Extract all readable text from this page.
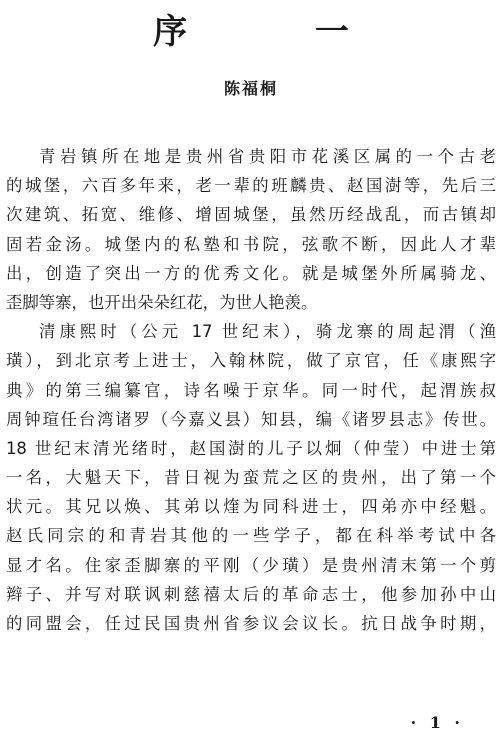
序 一
陈福桐
青岩镇所在地是贵州省贵阳市花溪区属的一个古老
的城堡，六百多年来，老一辈的班麟贵、赵国澍等，先后三
次建筑、拓宽、维修、增固城堡，虽然历经战乱，而古镇却
固若金汤。城堡内的私塾和书院，弦歌不断，因此人才辈
出，创造了突出一方的优秀文化。就是城堡外所属骑龙、
歪脚等寨，也开出朵朵红花，为世人艳羡。
清康熙时（公元 17 世纪末），骑龙寨的周起渭（渔
璜），到北京考上进士，入翰林院，做了京官，任《康熙字
典》的第三编纂官，诗名噪于京华。同一时代，起渭族叔
周钟瑄任台湾诸罗（今嘉义县）知县，编《诸罗县志》传世。
18 世纪末清光绪时，赵国澍的儿子以炯（仲莹）中进士第
一名，大魁天下，昔日视为蛮荒之区的贵州，出了第一个
状元。其兄以焕、其弟以煃为同科进士，四弟亦中经魁。
赵氏同宗的和青岩其他的一些学子，都在科举考试中各
显才名。住家歪脚寨的平刚（少璜）是贵州清末第一个剪
辫子、并写对联讽刺慈禧太后的革命志士，他参加孙中山
的同盟会，任过民国贵州省参议会议长。抗日战争时期，
· 1 ·
